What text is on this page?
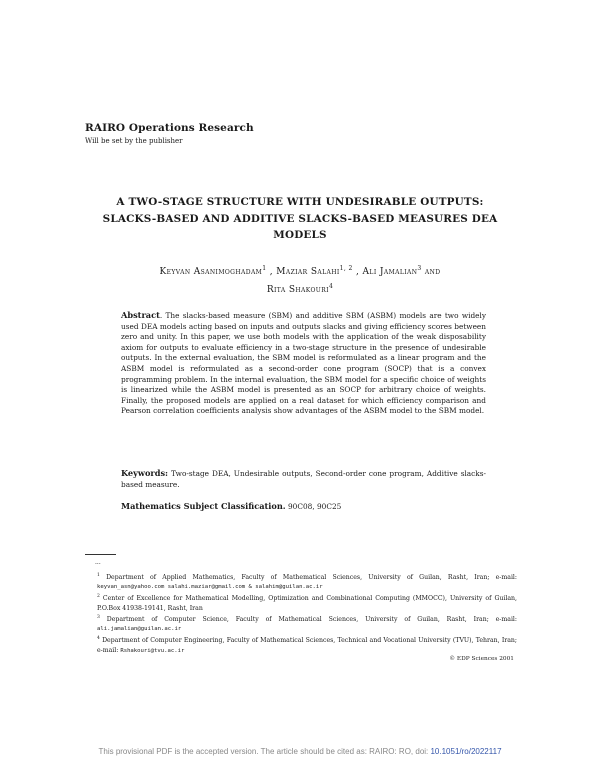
RAIRO Operations Research
Will be set by the publisher
A TWO-STAGE STRUCTURE WITH UNDESIRABLE OUTPUTS:
SLACKS-BASED AND ADDITIVE SLACKS-BASED MEASURES DEA
MODELS
Keyvan Asanimoghadam$^1$ , Maziar Salahi$^{1, 2}$ , Ali Jamalian$^3$ and
Rita Shakouri$^4$

Abstract. The slacks-based measure (SBM) and additive SBM (ASBM) models are two widely used DEA models acting based on inputs and outputs slacks and giving efficiency scores between zero and unity. In this paper, we use both models with the application of the weak disposability axiom for outputs to evaluate efficiency in a two-stage structure in the presence of undesirable outputs. In the external evaluation, the SBM model is reformulated as a linear program and the ASBM model is reformulated as a second-order cone program (SOCP) that is a convex programming problem. In the internal evaluation, the SBM model for a specific choice of weights is linearized while the ASBM model is presented as an SOCP for arbitrary choice of weights. Finally, the proposed models are applied on a real dataset for which efficiency comparison and Pearson correlation coefficients analysis show advantages of the ASBM model to the SBM model.

Keywords: Two-stage DEA, Undesirable outputs, Second-order cone program, Additive slacks-based measure.

Mathematics Subject Classification. 90C08, 90C25

...

$^1$ Department of Applied Mathematics, Faculty of Mathematical Sciences, University of Guilan, Rasht, Iran; e-mail: keyvan_asn@yahoo.com salahi.maziar@gmail.com & salahim@guilan.ac.ir

$^2$ Center of Excellence for Mathematical Modelling, Optimization and Combinational Computing (MMOCC), University of Guilan, P.O.Box 41938-19141, Rasht, Iran

$^3$ Department of Computer Science, Faculty of Mathematical Sciences, University of Guilan, Rasht, Iran; e-mail: ali.jamalian@guilan.ac.ir

$^4$ Department of Computer Engineering, Faculty of Mathematical Sciences, Technical and Vocational University (TVU), Tehran, Iran; e-mail: Rshakouri@tvu.ac.ir

© EDP Sciences 2001
This provisional PDF is the accepted version. The article should be cited as: RAIRO: RO, doi: 10.1051/ro/2022117
